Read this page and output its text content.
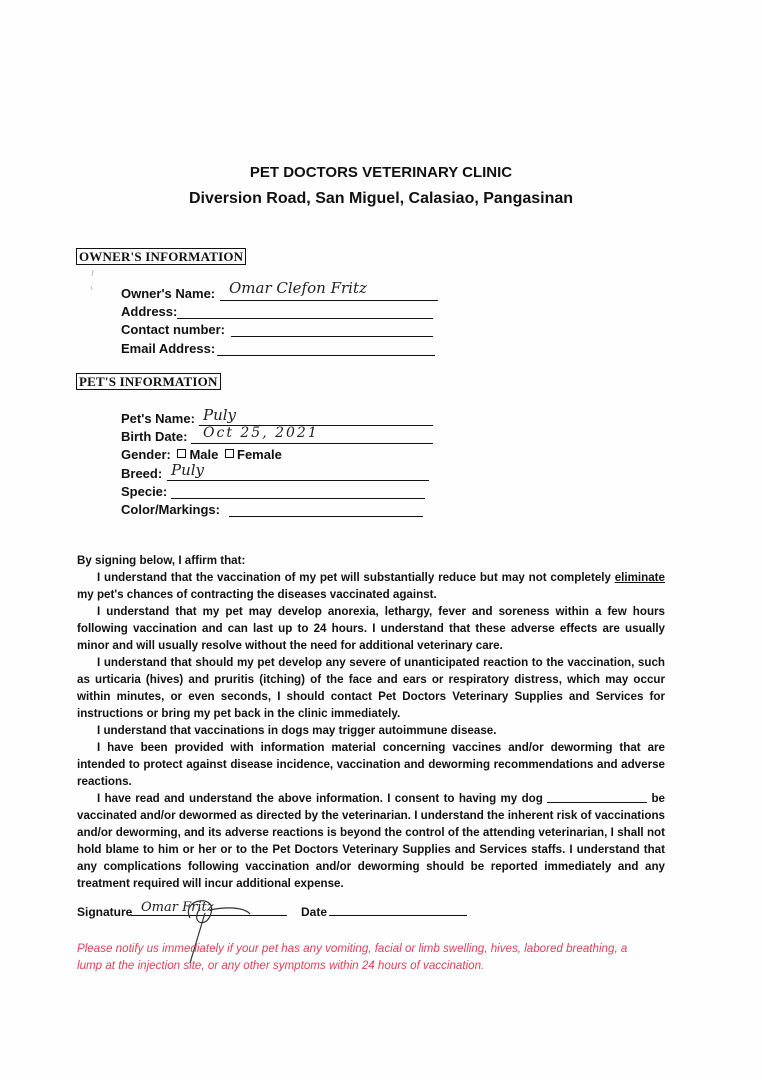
PET DOCTORS VETERINARY CLINIC
Diversion Road, San Miguel, Calasiao, Pangasinan
OWNER'S INFORMATION
Owner's Name: Omar Clefon Fritz
Address:
Contact number:
Email Address:
PET'S INFORMATION
Pet's Name: Puly
Birth Date: Oct 25, 2021
Gender: Male Female
Breed: Puly
Specie:
Color/Markings:

By signing below, I affirm that:

I understand that the vaccination of my pet will substantially reduce but may not completely eliminate my pet's chances of contracting the diseases vaccinated against.

I understand that my pet may develop anorexia, lethargy, fever and soreness within a few hours following vaccination and can last up to 24 hours. I understand that these adverse effects are usually minor and will usually resolve without the need for additional veterinary care.

I understand that should my pet develop any severe of unanticipated reaction to the vaccination, such as urticaria (hives) and pruritis (itching) of the face and ears or respiratory distress, which may occur within minutes, or even seconds, I should contact Pet Doctors Veterinary Supplies and Services for instructions or bring my pet back in the clinic immediately.

I understand that vaccinations in dogs may trigger autoimmune disease.

I have been provided with information material concerning vaccines and/or deworming that are intended to protect against disease incidence, vaccination and deworming recommendations and adverse reactions.

I have read and understand the above information. I consent to having my dog	be vaccinated and/or dewormed as directed by the veterinarian. I understand the inherent risk of vaccinations and/or deworming, and its adverse reactions is beyond the control of the attending veterinarian, I shall not hold blame to him or her or to the Pet Doctors Veterinary Supplies and Services staffs. I understand that any complications following vaccination and/or deworming should be reported immediately and any treatment required will incur additional expense.

Signature Omar Fritz	Date
Please notify us immediately if your pet has any vomiting, facial or limb swelling, hives, labored breathing, a lump at the injection site, or any other symptoms within 24 hours of vaccination.
